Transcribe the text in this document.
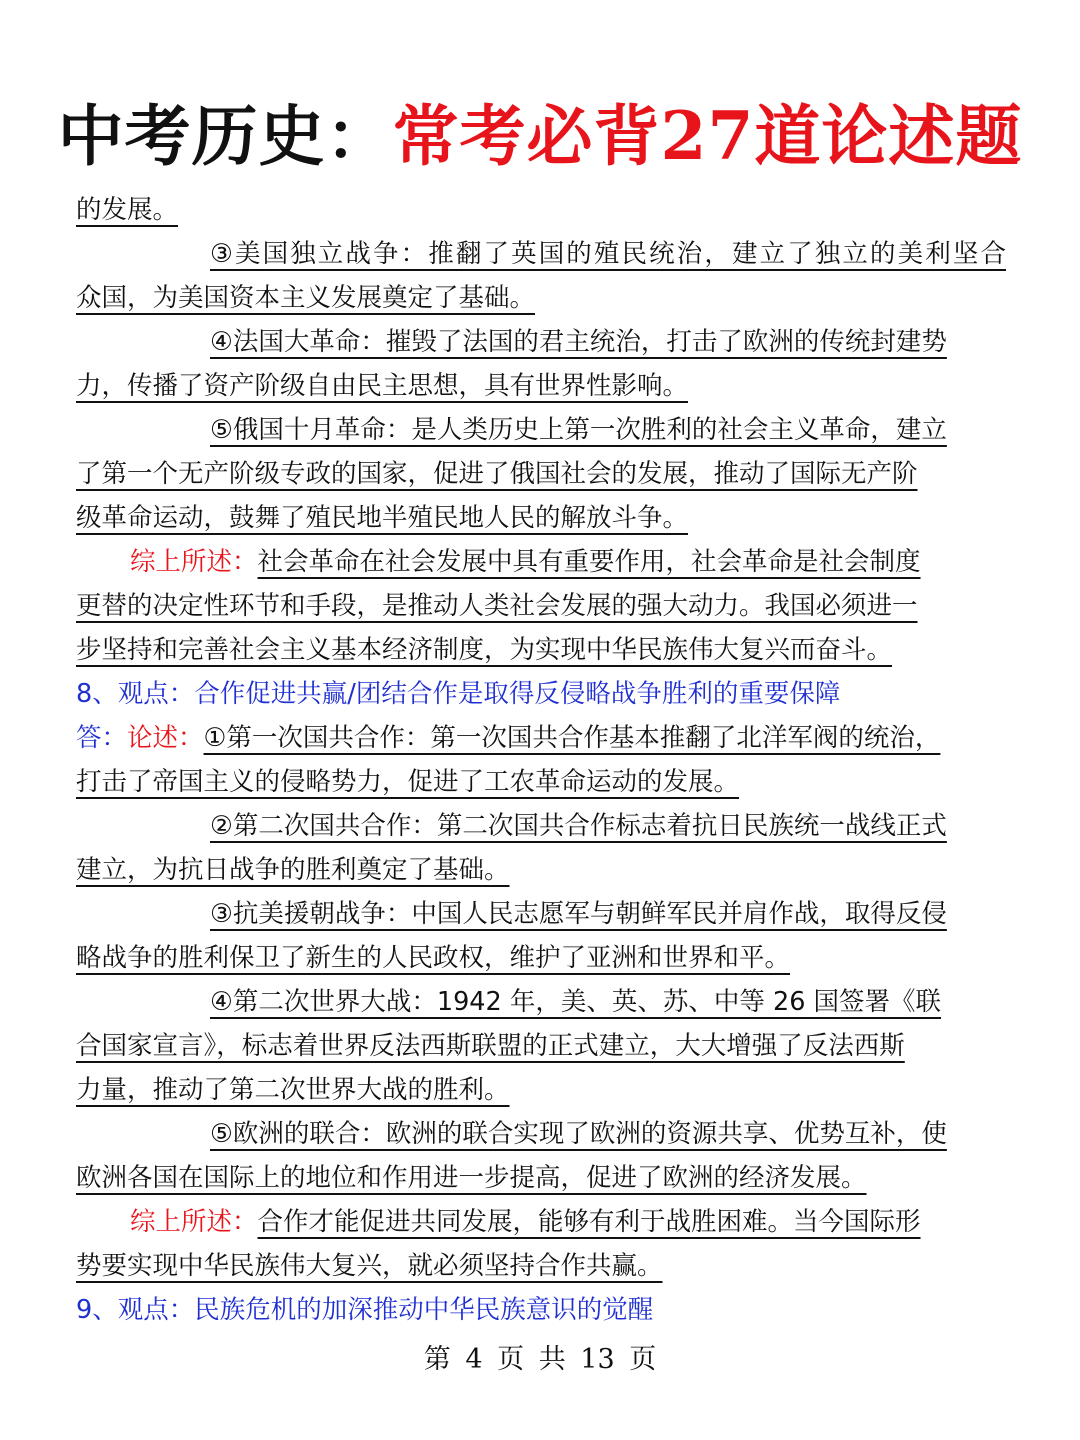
中考历史：常考必背27道论述题
的发展。
③美国独立战争：推翻了英国的殖民统治，建立了独立的美利坚合
众国，为美国资本主义发展奠定了基础。
④法国大革命：摧毁了法国的君主统治，打击了欧洲的传统封建势
力，传播了资产阶级自由民主思想，具有世界性影响。
⑤俄国十月革命：是人类历史上第一次胜利的社会主义革命，建立
了第一个无产阶级专政的国家，促进了俄国社会的发展，推动了国际无产阶
级革命运动，鼓舞了殖民地半殖民地人民的解放斗争。
综上所述：社会革命在社会发展中具有重要作用，社会革命是社会制度
更替的决定性环节和手段，是推动人类社会发展的强大动力。我国必须进一
步坚持和完善社会主义基本经济制度，为实现中华民族伟大复兴而奋斗。
8、观点：合作促进共赢/团结合作是取得反侵略战争胜利的重要保障
答：论述：①第一次国共合作：第一次国共合作基本推翻了北洋军阀的统治，
打击了帝国主义的侵略势力，促进了工农革命运动的发展。
②第二次国共合作：第二次国共合作标志着抗日民族统一战线正式
建立，为抗日战争的胜利奠定了基础。
③抗美援朝战争：中国人民志愿军与朝鲜军民并肩作战，取得反侵
略战争的胜利保卫了新生的人民政权，维护了亚洲和世界和平。
④第二次世界大战：1942 年，美、英、苏、中等 26 国签署《联
合国家宣言》，标志着世界反法西斯联盟的正式建立，大大增强了反法西斯
力量，推动了第二次世界大战的胜利。
⑤欧洲的联合：欧洲的联合实现了欧洲的资源共享、优势互补，使
欧洲各国在国际上的地位和作用进一步提高，促进了欧洲的经济发展。
综上所述：合作才能促进共同发展，能够有利于战胜困难。当今国际形
势要实现中华民族伟大复兴，就必须坚持合作共赢。
9、观点：民族危机的加深推动中华民族意识的觉醒
第 4 页 共 13 页
